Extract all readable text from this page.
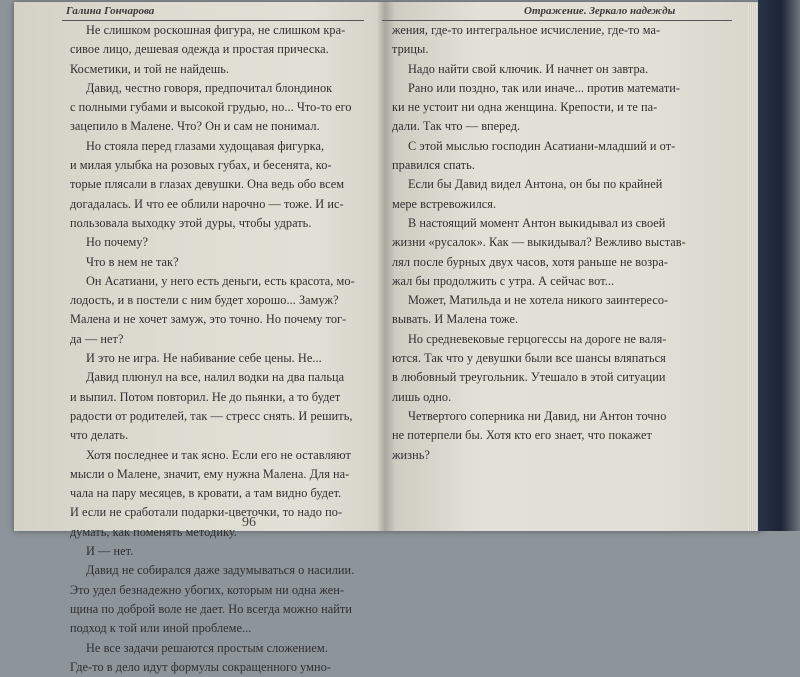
Галина Гончарова
Не слишком роскошная фигура, не слишком кра-
сивое лицо, дешевая одежда и простая прическа.
Косметики, и той не найдешь.
Давид, честно говоря, предпочитал блондинок
с полными губами и высокой грудью, но... Что-то его
зацепило в Малене. Что? Он и сам не понимал.
Но стояла перед глазами худощавая фигурка,
и милая улыбка на розовых губах, и бесенята, ко-
торые плясали в глазах девушки. Она ведь обо всем
догадалась. И что ее облили нарочно — тоже. И ис-
пользовала выходку этой дуры, чтобы удрать.
Но почему?
Что в нем не так?
Он Асатиани, у него есть деньги, есть красота, мо-
лодость, и в постели с ним будет хорошо... Замуж?
Малена и не хочет замуж, это точно. Но почему тог-
да — нет?
И это не игра. Не набивание себе цены. Не...
Давид плюнул на все, налил водки на два пальца
и выпил. Потом повторил. Не до пьянки, а то будет
радости от родителей, так — стресс снять. И решить,
что делать.
Хотя последнее и так ясно. Если его не оставляют
мысли о Малене, значит, ему нужна Малена. Для на-
чала на пару месяцев, в кровати, а там видно будет.
И если не сработали подарки-цветочки, то надо по-
думать, как поменять методику.
И — нет.
Давид не собирался даже задумываться о насилии.
Это удел безнадежно убогих, которым ни одна жен-
щина по доброй воле не дает. Но всегда можно найти
подход к той или иной проблеме...
Не все задачи решаются простым сложением.
Где-то в дело идут формулы сокращенного умно-
96
Отражение. Зеркало надежды
жения, где-то интегральное исчисление, где-то ма-
трицы.
Надо найти свой ключик. И начнет он завтра.
Рано или поздно, так или иначе... против математи-
ки не устоит ни одна женщина. Крепости, и те па-
дали. Так что — вперед.
С этой мыслью господин Асатиани-младший и от-
правился спать.
Если бы Давид видел Антона, он бы по крайней
мере встревожился.
В настоящий момент Антон выкидывал из своей
жизни «русалок». Как — выкидывал? Вежливо выстав-
лял после бурных двух часов, хотя раньше не возра-
жал бы продолжить с утра. А сейчас вот...
Может, Матильда и не хотела никого заинтересо-
вывать. И Малена тоже.
Но средневековые герцогессы на дороге не валя-
ются. Так что у девушки были все шансы вляпаться
в любовный треугольник. Утешало в этой ситуации
лишь одно.
Четвертого соперника ни Давид, ни Антон точно
не потерпели бы. Хотя кто его знает, что покажет
жизнь?
